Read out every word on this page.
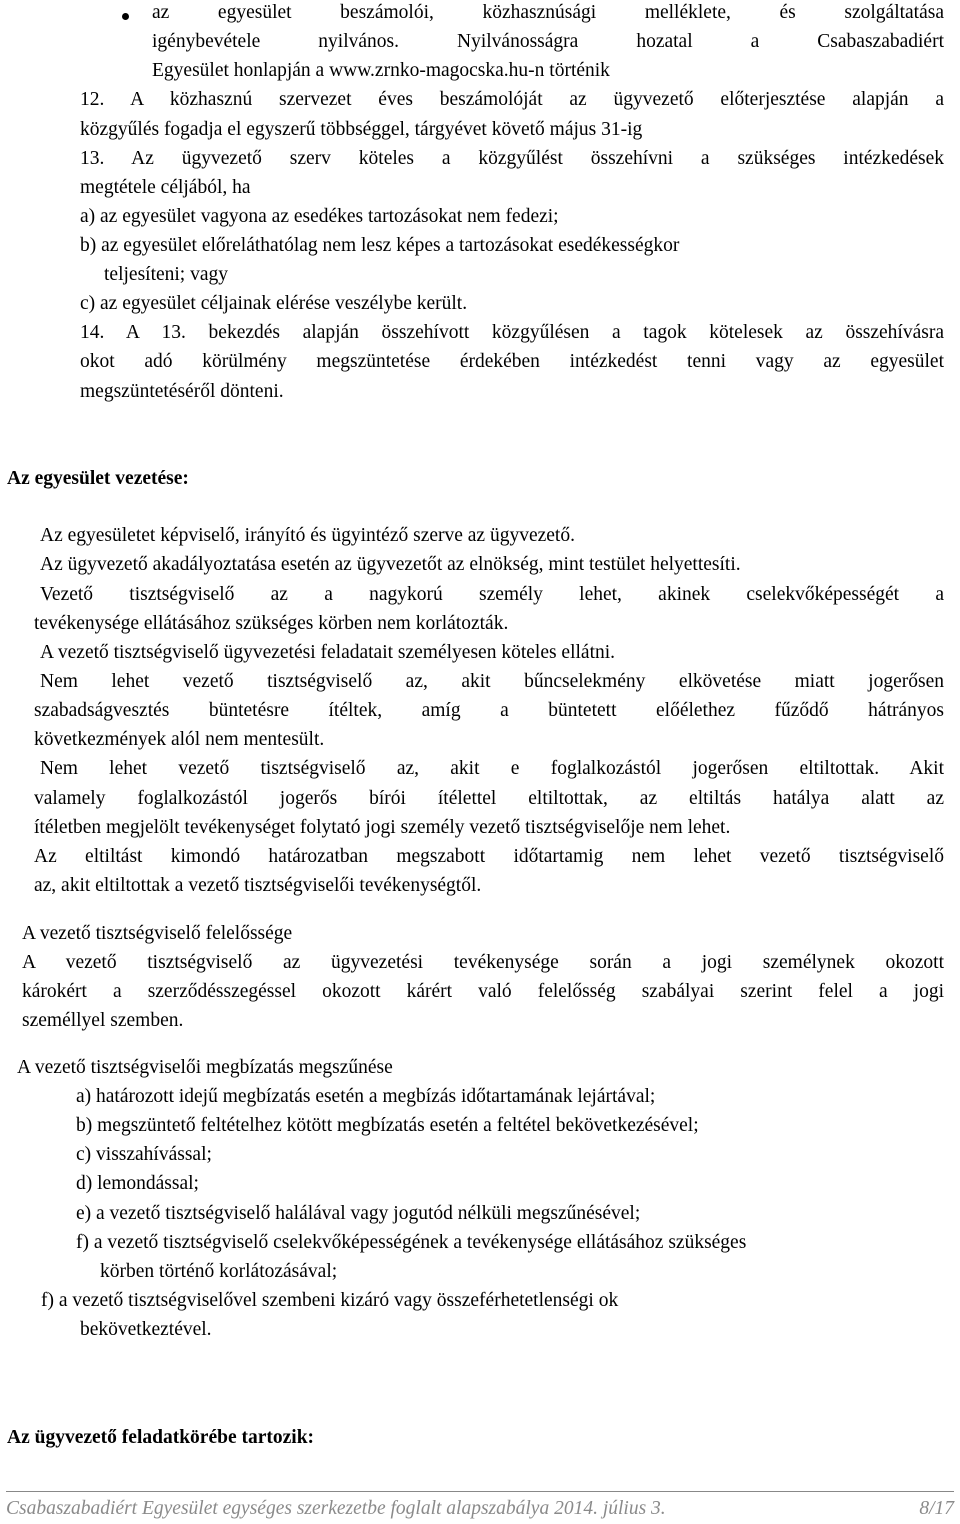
az egyesület beszámolói, közhasznúsági melléklete, és szolgáltatása
igénybevétele nyilvános. Nyilvánosságra hozatal a Csabaszabadiért
Egyesület honlapján a www.zrnko-magocska.hu-n történik
12. A közhasznú szervezet éves beszámolóját az ügyvezető előterjesztése alapján a
közgyűlés fogadja el egyszerű többséggel, tárgyévet követő május 31-ig
13. Az ügyvezető szerv köteles a közgyűlést összehívni a szükséges intézkedések
megtétele céljából, ha
a) az egyesület vagyona az esedékes tartozásokat nem fedezi;
b) az egyesület előreláthatólag nem lesz képes a tartozásokat esedékességkor
teljesíteni; vagy
c) az egyesület céljainak elérése veszélybe került.
14. A 13. bekezdés alapján összehívott közgyűlésen a tagok kötelesek az összehívásra
okot adó körülmény megszüntetése érdekében intézkedést tenni vagy az egyesület
megszüntetéséről dönteni.
Az egyesület vezetése:
Az egyesületet képviselő, irányító és ügyintéző szerve az ügyvezető.
Az ügyvezető akadályoztatása esetén az ügyvezetőt az elnökség, mint testület helyettesíti.
Vezető tisztségviselő az a nagykorú személy lehet, akinek cselekvőképességét a
tevékenysége ellátásához szükséges körben nem korlátozták.
A vezető tisztségviselő ügyvezetési feladatait személyesen köteles ellátni.
Nem lehet vezető tisztségviselő az, akit bűncselekmény elkövetése miatt jogerősen
szabadságvesztés büntetésre ítéltek, amíg a büntetett előélethez fűződő hátrányos
következmények alól nem mentesült.
Nem lehet vezető tisztségviselő az, akit e foglalkozástól jogerősen eltiltottak. Akit
valamely foglalkozástól jogerős bírói ítélettel eltiltottak, az eltiltás hatálya alatt az
ítéletben megjelölt tevékenységet folytató jogi személy vezető tisztségviselője nem lehet.
Az eltiltást kimondó határozatban megszabott időtartamig nem lehet vezető tisztségviselő
az, akit eltiltottak a vezető tisztségviselői tevékenységtől.
A vezető tisztségviselő felelőssége
A vezető tisztségviselő az ügyvezetési tevékenysége során a jogi személynek okozott
károkért a szerződésszegéssel okozott kárért való felelősség szabályai szerint felel a jogi
személlyel szemben.
A vezető tisztségviselői megbízatás megszűnése
a) határozott idejű megbízatás esetén a megbízás időtartamának lejártával;
b) megszüntető feltételhez kötött megbízatás esetén a feltétel bekövetkezésével;
c) visszahívással;
d) lemondással;
e) a vezető tisztségviselő halálával vagy jogutód nélküli megszűnésével;
f) a vezető tisztségviselő cselekvőképességének a tevékenysége ellátásához szükséges
körben történő korlátozásával;
f) a vezető tisztségviselővel szembeni kizáró vagy összeférhetetlenségi ok
bekövetkeztével.
Az ügyvezető feladatkörébe tartozik:
Csabaszabadiért Egyesület egységes szerkezetbe foglalt alapszabálya 2014. július 3.	8/17
